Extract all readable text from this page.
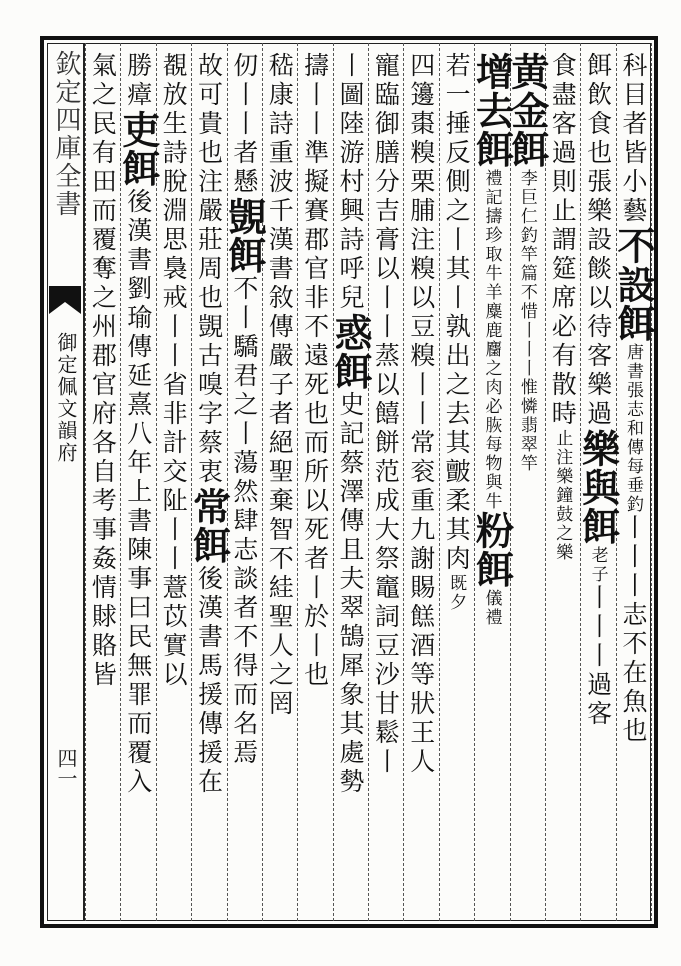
欽定四庫全書
御定佩文韻府
四一
科目者皆小藝不設餌唐書張志和傳每垂釣丨丨丨志不在魚也
餌飲食也張樂設餤以待客樂過樂與餌老子丨丨丨過客
食盡客過則止謂筵席必有散時止注樂鐘鼓之樂
黄金餌李巨仁釣竿篇不惜丨丨丨惟憐翡翠竿
增去餌禮記擣珍取牛羊麋鹿麕之肉必脄每物與牛粉餌儀禮
若一捶反側之丨其丨孰出之去其皽柔其肉既夕
四籩棗糗栗脯注糗以豆糗丨丨常衮重九謝賜餻酒等狀王人
寵臨御膳分吉膏以丨丨蒸以饎餅范成大祭竈詞豆沙甘鬆丨
丨圖陸游村興詩呼兒惑餌史記蔡澤傳且夫翠鵠犀象其處勢
擣丨丨準擬賽郡官非不遠死也而所以死者丨於丨也
嵇康詩重波千漢書敘傳嚴子者絕聖棄智不絓聖人之罔
仞丨丨者懸覬餌不丨驕君之丨蕩然肆志談者不得而名焉
故可貴也注嚴莊周也覬古嗅字蔡衷常餌後漢書馬援傳援在
覩放生詩脫淵思裊戒丨丨省非計交阯丨丨薏苡實以
勝瘴吏餌後漢書劉瑜傳延熹八年上書陳事曰民無罪而覆入
氣之民有田而覆奪之州郡官府各自考事姦情賕賂皆
